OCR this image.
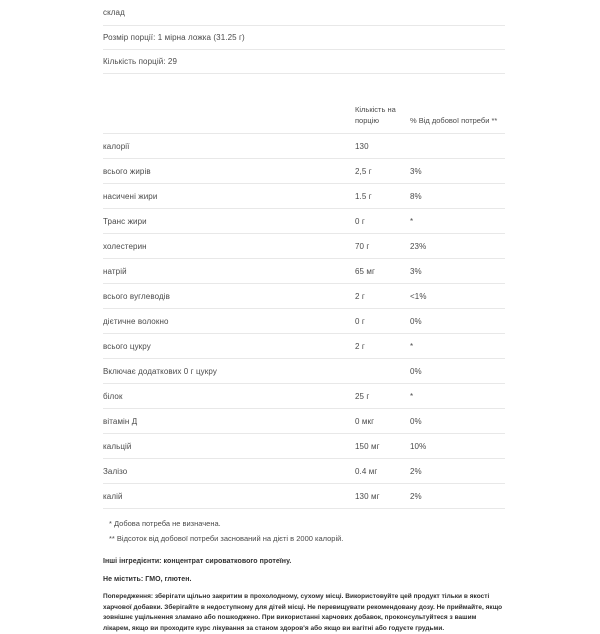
склад
Розмір порції: 1 мірна ложка (31.25 г)
Кількість порцій: 29
	Кількість на порцію	% Від добової потреби **
калорії	130	
всього жирів	2,5 г	3%
насичені жири	1.5 г	8%
Транс жири	0 г	*
холестерин	70 г	23%
натрій	65 мг	3%
всього вуглеводів	2 г	<1%
дієтичне волокно	0 г	0%
всього цукру	2 г	*
Включає додаткових 0 г цукру		0%
білок	25 г	*
вітамін Д	0 мкг	0%
кальцій	150 мг	10%
Залізо	0.4 мг	2%
калій	130 мг	2%
* Добова потреба не визначена.
** Відсоток від добової потреби заснований на дієті в 2000 калорій.
Інші інгредієнти: концентрат сироваткового протеїну.
Не містить: ГМО, глютен.
Попередження: зберігати щільно закритим в прохолодному, сухому місці. Використовуйте цей продукт тільки в якості харчової добавки. Зберігайте в недоступному для дітей місці. Не перевищувати рекомендовану дозу. Не приймайте, якщо зовнішнє ущільнення зламано або пошкоджено. При використанні харчових добавок, проконсультуйтеся з вашим лікарем, якщо ви проходите курс лікування за станом здоров'я або якщо ви вагітні або годуєте грудьми.
